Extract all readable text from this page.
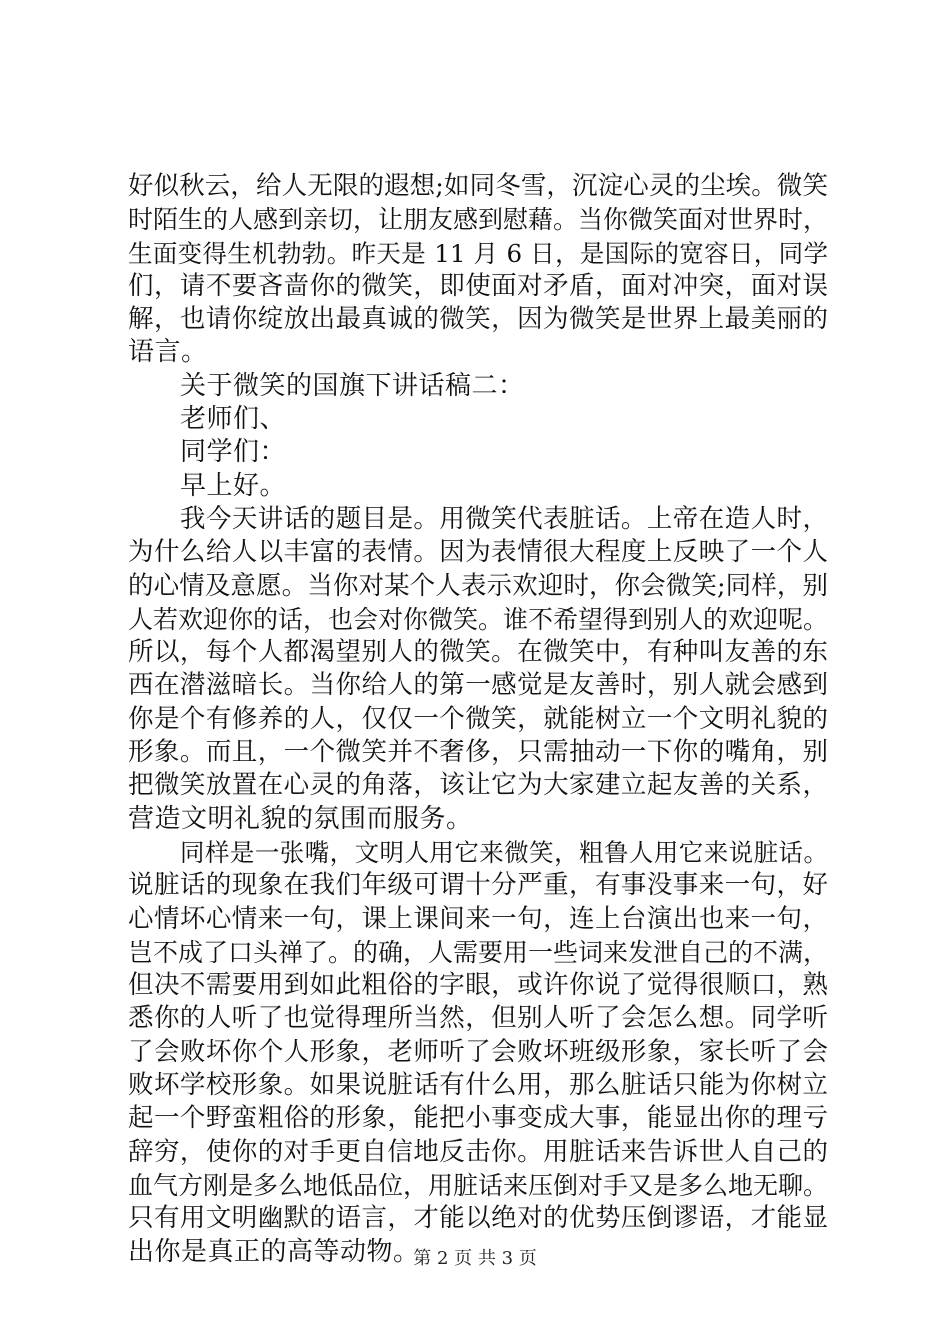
好似秋云，给人无限的遐想;如同冬雪，沉淀心灵的尘埃。微笑
时陌生的人感到亲切，让朋友感到慰藉。当你微笑面对世界时，
生面变得生机勃勃。昨天是 11 月 6 日，是国际的宽容日，同学
们，请不要吝啬你的微笑，即使面对矛盾，面对冲突，面对误
解，也请你绽放出最真诚的微笑，因为微笑是世界上最美丽的
语言。
关于微笑的国旗下讲话稿二：
老师们、
同学们：
早上好。
我今天讲话的题目是。用微笑代表脏话。上帝在造人时，
为什么给人以丰富的表情。因为表情很大程度上反映了一个人
的心情及意愿。当你对某个人表示欢迎时，你会微笑;同样，别
人若欢迎你的话，也会对你微笑。谁不希望得到别人的欢迎呢。
所以，每个人都渴望别人的微笑。在微笑中，有种叫友善的东
西在潜滋暗长。当你给人的第一感觉是友善时，别人就会感到
你是个有修养的人，仅仅一个微笑，就能树立一个文明礼貌的
形象。而且，一个微笑并不奢侈，只需抽动一下你的嘴角，别
把微笑放置在心灵的角落，该让它为大家建立起友善的关系，
营造文明礼貌的氛围而服务。
同样是一张嘴，文明人用它来微笑，粗鲁人用它来说脏话。
说脏话的现象在我们年级可谓十分严重，有事没事来一句，好
心情坏心情来一句，课上课间来一句，连上台演出也来一句，
岂不成了口头禅了。的确，人需要用一些词来发泄自己的不满，
但决不需要用到如此粗俗的字眼，或许你说了觉得很顺口，熟
悉你的人听了也觉得理所当然，但别人听了会怎么想。同学听
了会败坏你个人形象，老师听了会败坏班级形象，家长听了会
败坏学校形象。如果说脏话有什么用，那么脏话只能为你树立
起一个野蛮粗俗的形象，能把小事变成大事，能显出你的理亏
辞穷，使你的对手更自信地反击你。用脏话来告诉世人自己的
血气方刚是多么地低品位，用脏话来压倒对手又是多么地无聊。
只有用文明幽默的语言，才能以绝对的优势压倒谬语，才能显
出你是真正的高等动物。
第 2 页 共 3 页
